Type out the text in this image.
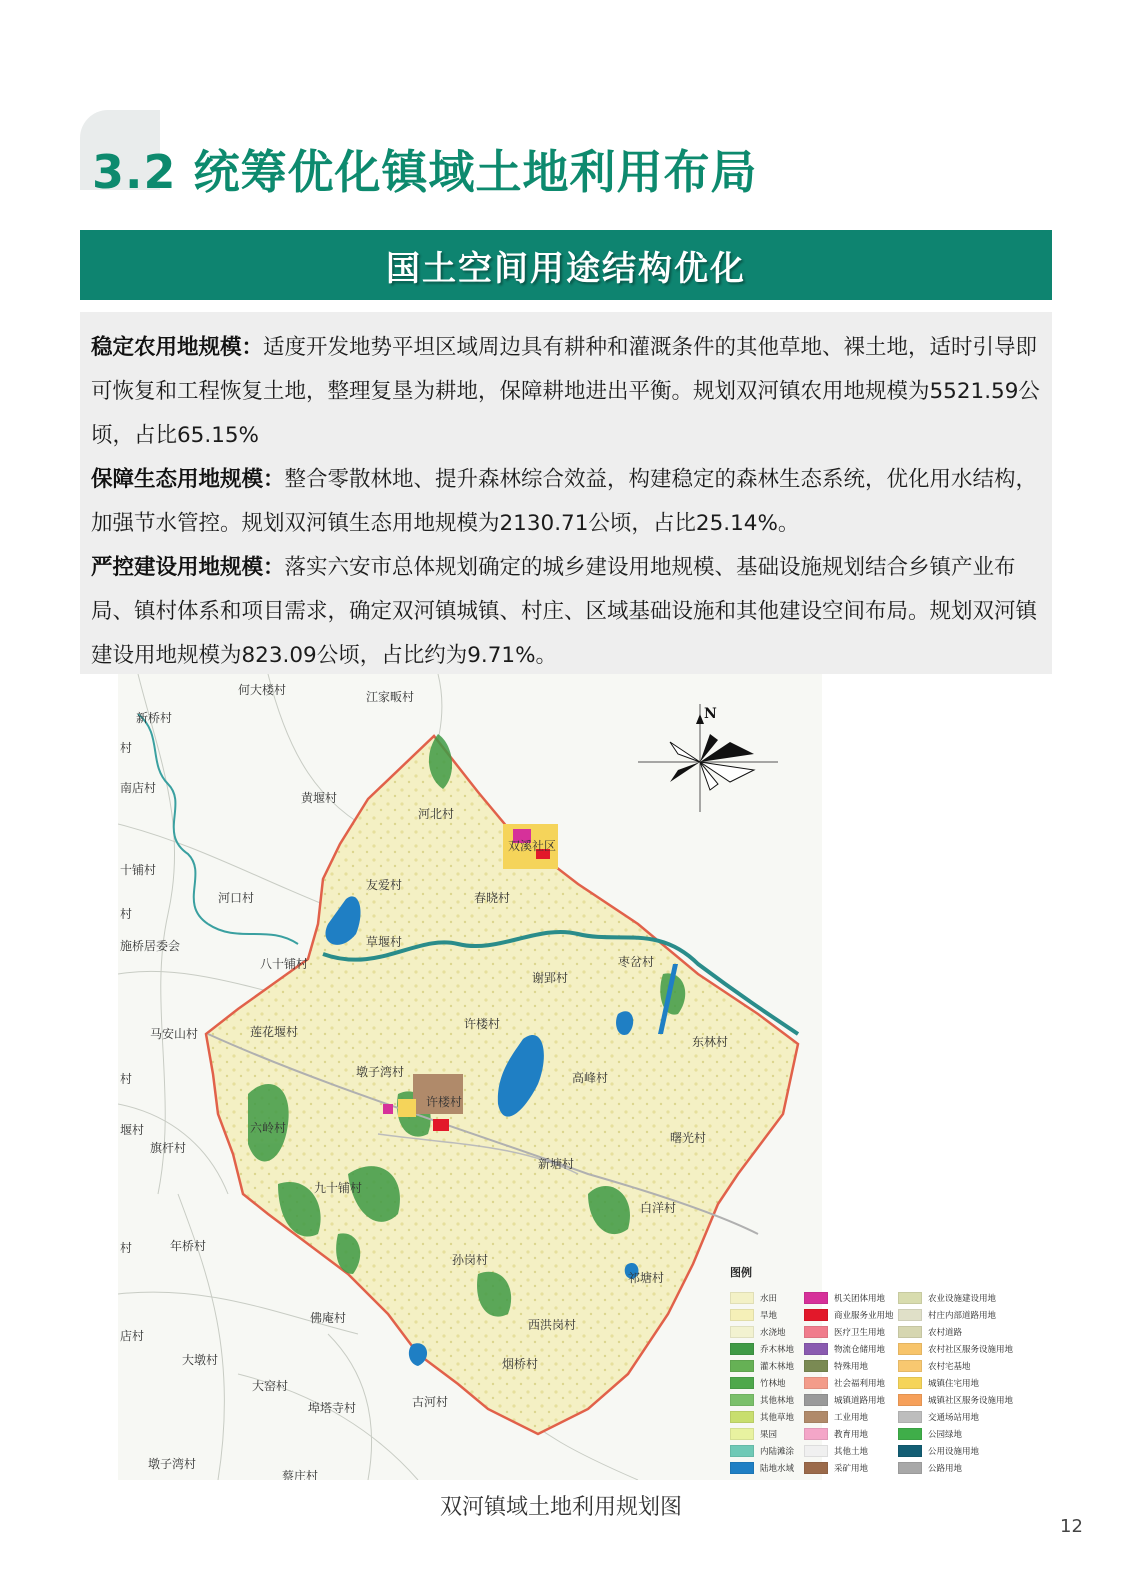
3.2 统筹优化镇域土地利用布局
国土空间用途结构优化

稳定农用地规模：适度开发地势平坦区域周边具有耕种和灌溉条件的其他草地、裸土地，适时引导即可恢复和工程恢复土地，整理复垦为耕地，保障耕地进出平衡。规划双河镇农用地规模为5521.59公顷，占比65.15%

保障生态用地规模：整合零散林地、提升森林综合效益，构建稳定的森林生态系统，优化用水结构，加强节水管控。规划双河镇生态用地规模为2130.71公顷，占比25.14%。

严控建设用地规模：落实六安市总体规划确定的城乡建设用地规模、基础设施规划结合乡镇产业布局、镇村体系和项目需求，确定双河镇城镇、村庄、区域基础设施和其他建设空间布局。规划双河镇建设用地规模为823.09公顷，占比约为9.71%。

N
何大楼村	江家畈村
新桥村
村
南店村
黄堰村
十铺村
河口村
村
施桥居委会
八十铺村
马安山村
村
堰村
旗杆村
村	年桥村
佛庵村
店村
大墩村
大窑村
埠塔寺村	古河村
墩子湾村
蔡庄村
河北村
双溪社区
友爱村
春晓村
草堰村
谢郢村
枣岔村
莲花堰村
许楼村
东林村
墩子湾村
许楼村
高峰村
六岭村
新塘村
曙光村
九十铺村
白洋村
孙岗村
祁塘村
西洪岗村
烟桥村
图例
水田
旱地
水浇地
乔木林地
灌木林地
竹林地
其他林地
其他草地
果园
内陆滩涂
陆地水域
机关团体用地
商业服务业用地
医疗卫生用地
物流仓储用地
特殊用地
社会福利用地
城镇道路用地
工业用地
教育用地
其他土地
采矿用地
农业设施建设用地
村庄内部道路用地
农村道路
农村社区服务设施用地
农村宅基地
城镇住宅用地
城镇社区服务设施用地
交通场站用地
公园绿地
公用设施用地
公路用地
双河镇域土地利用规划图
12
